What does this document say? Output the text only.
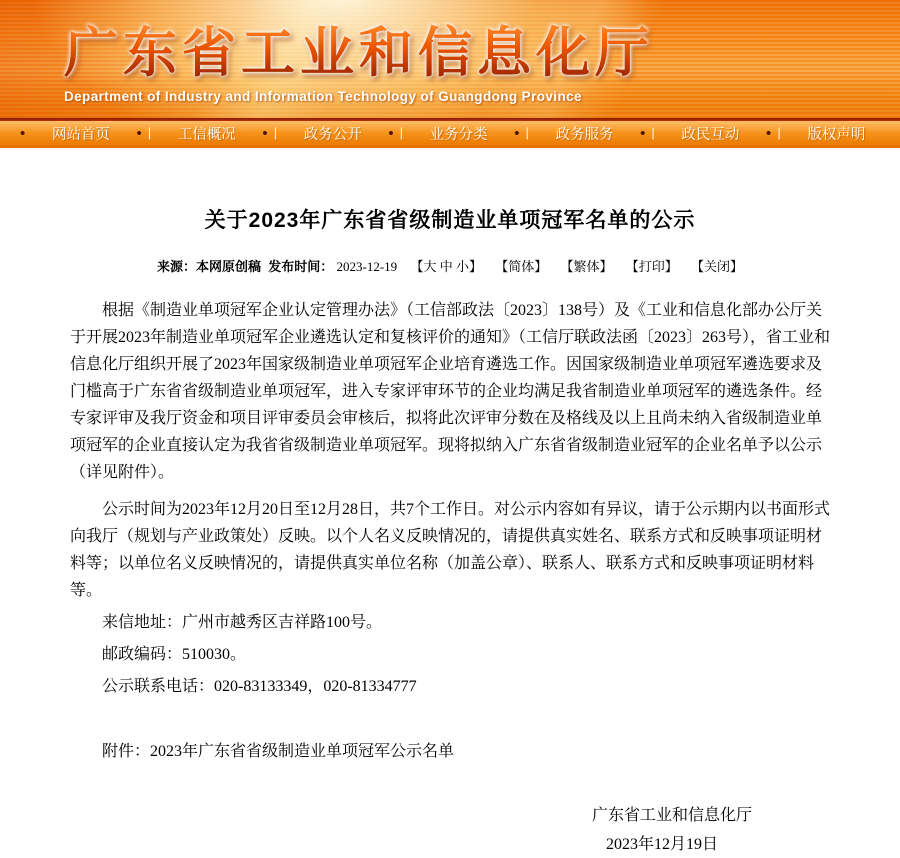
广东省工业和信息化厅
Department of Industry and Information Technology of Guangdong Province
•	网站首页	• |	工信概况	• |	政务公开	• |	业务分类	• |	政务服务	• |	政民互动	• |	版权声明
关于2023年广东省省级制造业单项冠军名单的公示
来源：本网原创稿 发布时间： 2023-12-19 【大 中 小】 【简体】 【繁体】 【打印】 【关闭】

根据《制造业单项冠军企业认定管理办法》（工信部政法〔2023〕138号）及《工业和信息化部办公厅关于开展2023年制造业单项冠军企业遴选认定和复核评价的通知》（工信厅联政法函〔2023〕263号），省工业和信息化厅组织开展了2023年国家级制造业单项冠军企业培育遴选工作。因国家级制造业单项冠军遴选要求及门槛高于广东省省级制造业单项冠军，进入专家评审环节的企业均满足我省制造业单项冠军的遴选条件。经专家评审及我厅资金和项目评审委员会审核后，拟将此次评审分数在及格线及以上且尚未纳入省级制造业单项冠军的企业直接认定为我省省级制造业单项冠军。现将拟纳入广东省省级制造业冠军的企业名单予以公示（详见附件）。

公示时间为2023年12月20日至12月28日，共7个工作日。对公示内容如有异议，请于公示期内以书面形式向我厅（规划与产业政策处）反映。以个人名义反映情况的，请提供真实姓名、联系方式和反映事项证明材料等；以单位名义反映情况的，请提供真实单位名称（加盖公章）、联系人、联系方式和反映事项证明材料等。

来信地址：广州市越秀区吉祥路100号。

邮政编码：510030。

公示联系电话：020-83133349，020-81334777

附件：2023年广东省省级制造业单项冠军公示名单

广东省工业和信息化厅

2023年12月19日
